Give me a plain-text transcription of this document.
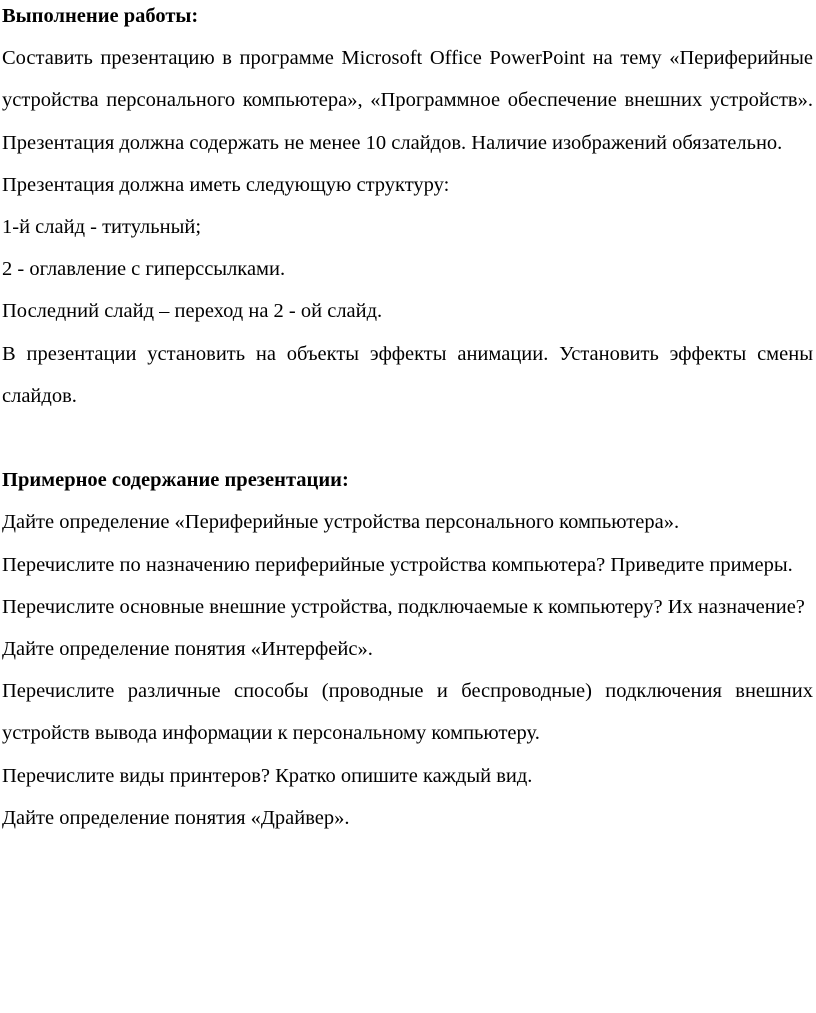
Выполнение работы:
Составить презентацию в программе Microsoft Office PowerPoint на тему «Периферийные устройства персонального компьютера», «Программное обеспечение внешних устройств». Презентация должна содержать не менее 10 слайдов. Наличие изображений обязательно.
Презентация должна иметь следующую структуру:
1-й слайд - титульный;
2 - оглавление с гиперссылками.
Последний слайд – переход на 2 - ой слайд.
В презентации установить на объекты эффекты анимации. Установить эффекты смены слайдов.
Примерное содержание презентации:
Дайте определение «Периферийные устройства персонального компьютера».
Перечислите по назначению периферийные устройства компьютера? Приведите примеры.
Перечислите основные внешние устройства, подключаемые к компьютеру? Их назначение?
Дайте определение понятия «Интерфейс».
Перечислите различные способы (проводные и беспроводные) подключения внешних устройств вывода информации к персональному компьютеру.
Перечислите виды принтеров? Кратко опишите каждый вид.
Дайте определение понятия «Драйвер».
